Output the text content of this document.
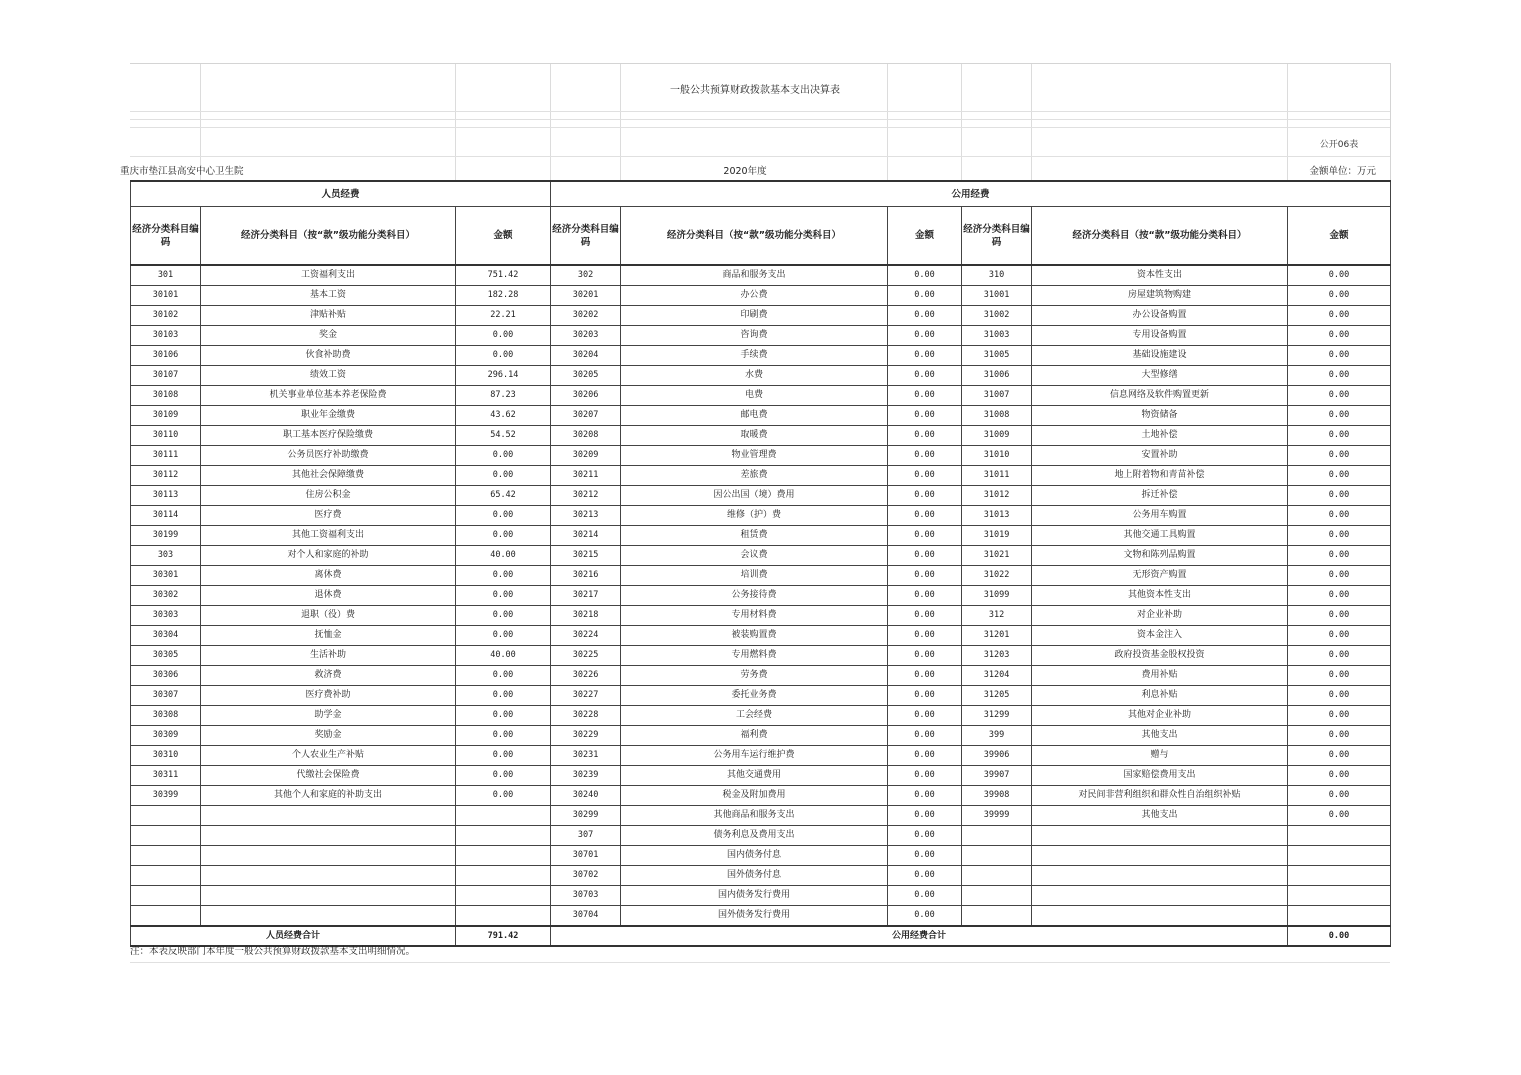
一般公共预算财政拨款基本支出决算表
公开06表
重庆市垫江县高安中心卫生院	2020年度	金额单位：万元
人员经费			公用经费					
经济分类科目编码	经济分类科目（按“款”级功能分类科目）	金额	经济分类科目编码	经济分类科目（按“款”级功能分类科目）	金额	经济分类科目编码	经济分类科目（按“款”级功能分类科目）	金额
301	工资福利支出	751.42	302	商品和服务支出	0.00	310	资本性支出	0.00
30101	基本工资	182.28	30201	办公费	0.00	31001	房屋建筑物购建	0.00
30102	津贴补贴	22.21	30202	印刷费	0.00	31002	办公设备购置	0.00
30103	奖金	0.00	30203	咨询费	0.00	31003	专用设备购置	0.00
30106	伙食补助费	0.00	30204	手续费	0.00	31005	基础设施建设	0.00
30107	绩效工资	296.14	30205	水费	0.00	31006	大型修缮	0.00
30108	机关事业单位基本养老保险费	87.23	30206	电费	0.00	31007	信息网络及软件购置更新	0.00
30109	职业年金缴费	43.62	30207	邮电费	0.00	31008	物资储备	0.00
30110	职工基本医疗保险缴费	54.52	30208	取暖费	0.00	31009	土地补偿	0.00
30111	公务员医疗补助缴费	0.00	30209	物业管理费	0.00	31010	安置补助	0.00
30112	其他社会保障缴费	0.00	30211	差旅费	0.00	31011	地上附着物和青苗补偿	0.00
30113	住房公积金	65.42	30212	因公出国（境）费用	0.00	31012	拆迁补偿	0.00
30114	医疗费	0.00	30213	维修（护）费	0.00	31013	公务用车购置	0.00
30199	其他工资福利支出	0.00	30214	租赁费	0.00	31019	其他交通工具购置	0.00
303	对个人和家庭的补助	40.00	30215	会议费	0.00	31021	文物和陈列品购置	0.00
30301	离休费	0.00	30216	培训费	0.00	31022	无形资产购置	0.00
30302	退休费	0.00	30217	公务接待费	0.00	31099	其他资本性支出	0.00
30303	退职（役）费	0.00	30218	专用材料费	0.00	312	对企业补助	0.00
30304	抚恤金	0.00	30224	被装购置费	0.00	31201	资本金注入	0.00
30305	生活补助	40.00	30225	专用燃料费	0.00	31203	政府投资基金股权投资	0.00
30306	救济费	0.00	30226	劳务费	0.00	31204	费用补贴	0.00
30307	医疗费补助	0.00	30227	委托业务费	0.00	31205	利息补贴	0.00
30308	助学金	0.00	30228	工会经费	0.00	31299	其他对企业补助	0.00
30309	奖励金	0.00	30229	福利费	0.00	399	其他支出	0.00
30310	个人农业生产补贴	0.00	30231	公务用车运行维护费	0.00	39906	赠与	0.00
30311	代缴社会保险费	0.00	30239	其他交通费用	0.00	39907	国家赔偿费用支出	0.00
30399	其他个人和家庭的补助支出	0.00	30240	税金及附加费用	0.00	39908	对民间非营利组织和群众性自治组织补贴	0.00
			30299	其他商品和服务支出	0.00	39999	其他支出	0.00
			307	债务利息及费用支出	0.00			
			30701	国内债务付息	0.00			
			30702	国外债务付息	0.00			
			30703	国内债务发行费用	0.00			
			30704	国外债务发行费用	0.00			
人员经费合计		791.42	公用经费合计					0.00
注：本表反映部门本年度一般公共预算财政拨款基本支出明细情况。
